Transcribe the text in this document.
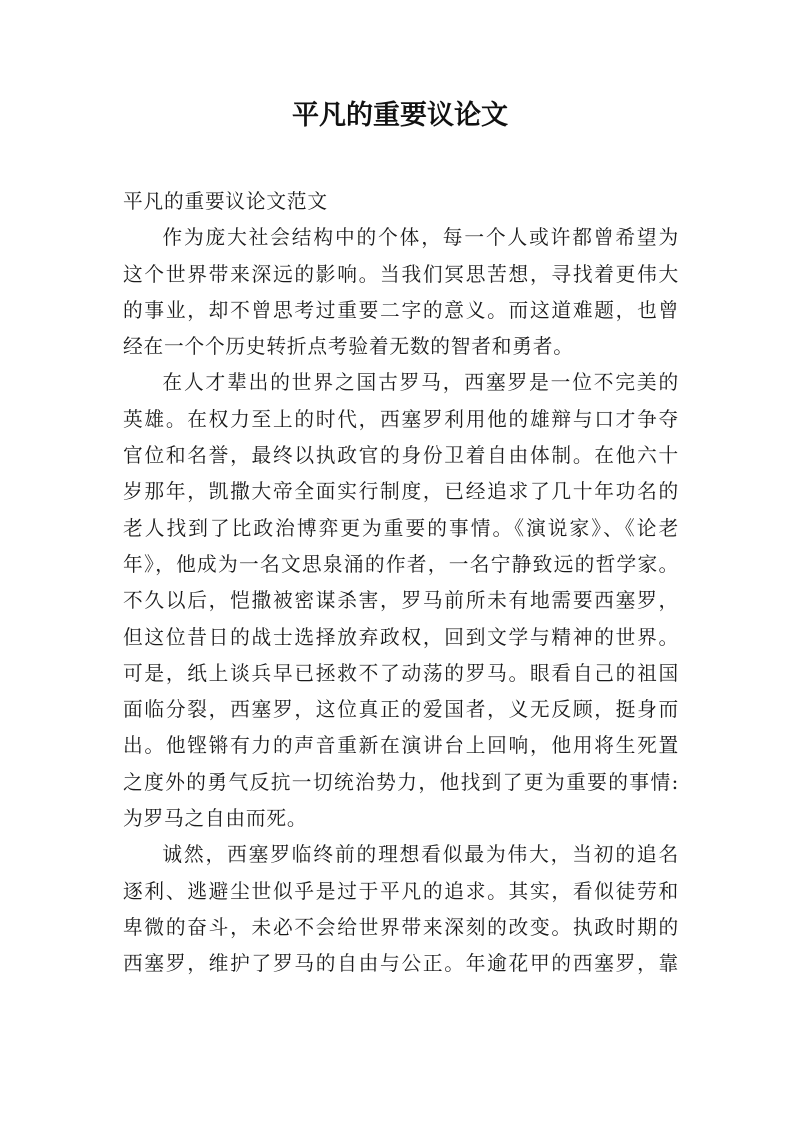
平凡的重要议论文

平凡的重要议论文范文

作为庞大社会结构中的个体，每一个人或许都曾希望为
这个世界带来深远的影响。当我们冥思苦想，寻找着更伟大
的事业，却不曾思考过重要二字的意义。而这道难题，也曾
经在一个个历史转折点考验着无数的智者和勇者。

在人才辈出的世界之国古罗马，西塞罗是一位不完美的
英雄。在权力至上的时代，西塞罗利用他的雄辩与口才争夺
官位和名誉，最终以执政官的身份卫着自由体制。在他六十
岁那年，凯撒大帝全面实行制度，已经追求了几十年功名的
老人找到了比政治博弈更为重要的事情。《演说家》、《论老
年》，他成为一名文思泉涌的作者，一名宁静致远的哲学家。
不久以后，恺撒被密谋杀害，罗马前所未有地需要西塞罗，
但这位昔日的战士选择放弃政权，回到文学与精神的世界。
可是，纸上谈兵早已拯救不了动荡的罗马。眼看自己的祖国
面临分裂，西塞罗，这位真正的爱国者，义无反顾，挺身而
出。他铿锵有力的声音重新在演讲台上回响，他用将生死置
之度外的勇气反抗一切统治势力，他找到了更为重要的事情:
为罗马之自由而死。

诚然，西塞罗临终前的理想看似最为伟大，当初的追名
逐利、逃避尘世似乎是过于平凡的追求。其实，看似徒劳和
卑微的奋斗，未必不会给世界带来深刻的改变。执政时期的
西塞罗，维护了罗马的自由与公正。年逾花甲的西塞罗，靠
